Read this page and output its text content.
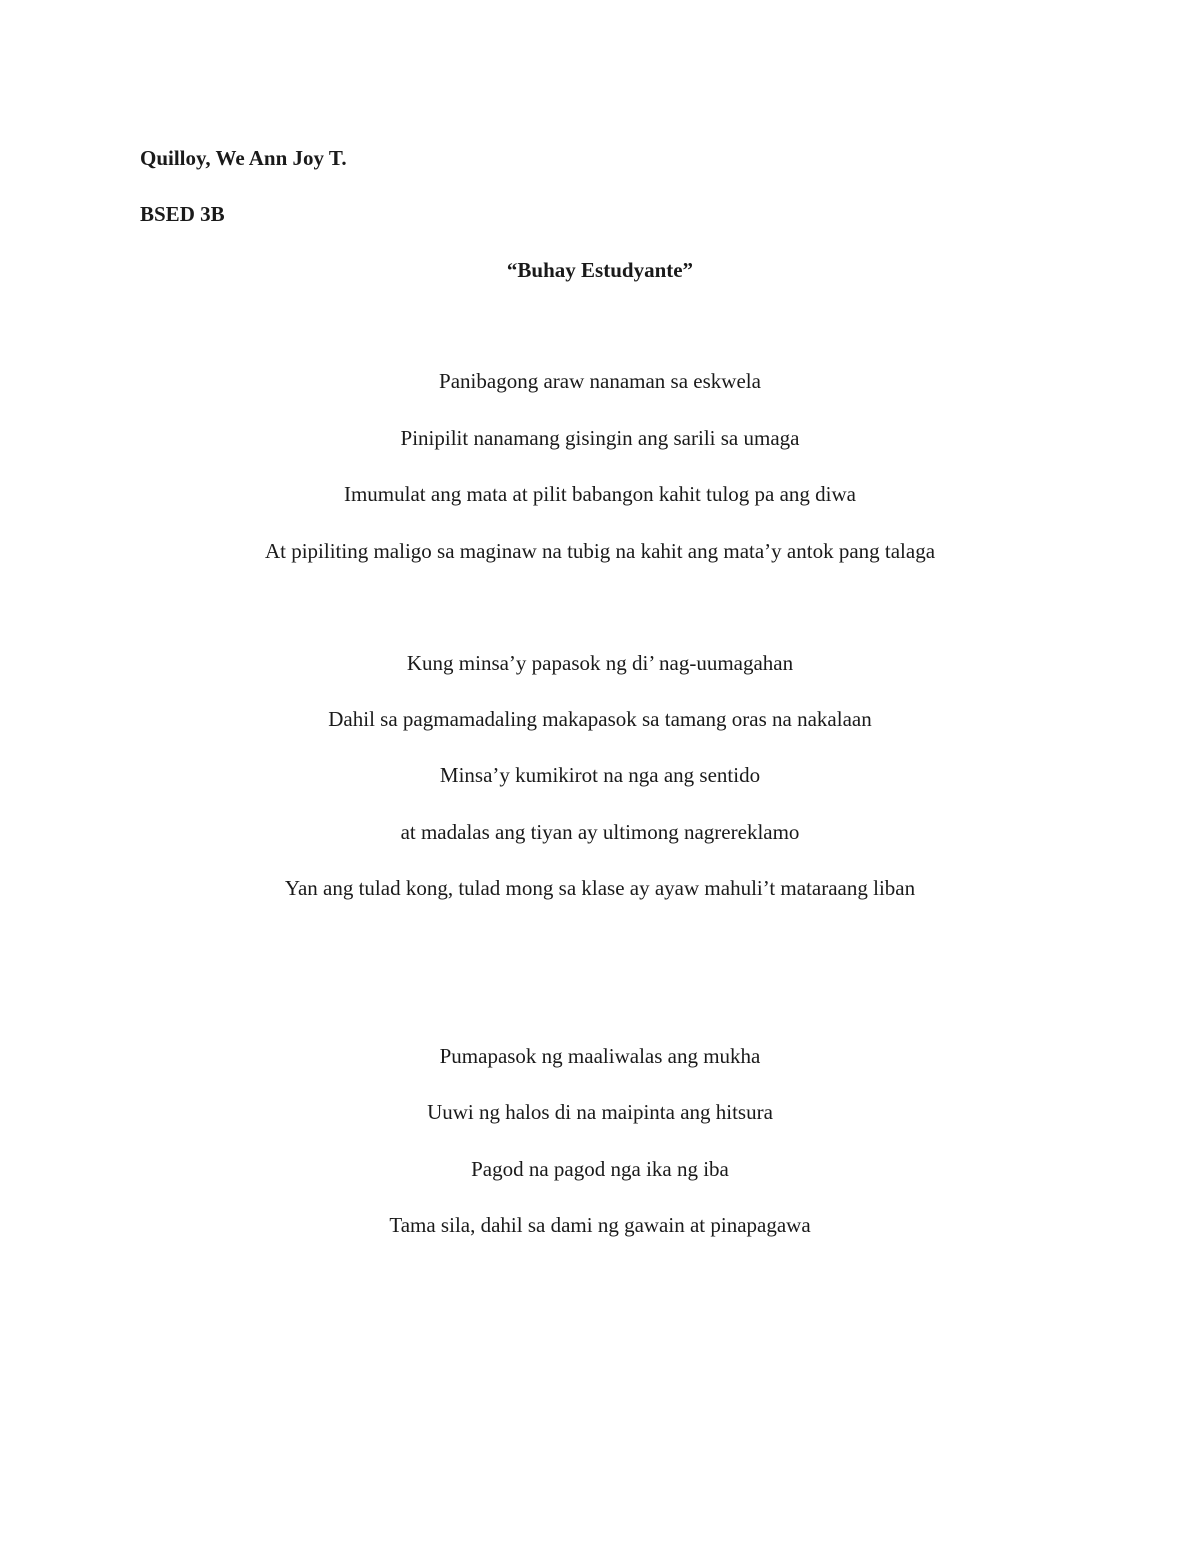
Quilloy, We Ann Joy T.
BSED 3B
“Buhay Estudyante”
Panibagong araw nanaman sa eskwela
Pinipilit nanamang gisingin ang sarili sa umaga
Imumulat ang mata at pilit babangon kahit tulog pa ang diwa
At pipiliting maligo sa maginaw na tubig na kahit ang mata’y antok pang talaga
Kung minsa’y papasok ng di’ nag-uumagahan
Dahil sa pagmamadaling makapasok sa tamang oras na nakalaan
Minsa’y kumikirot na nga ang sentido
at madalas ang tiyan ay ultimong nagrereklamo
Yan ang tulad kong, tulad mong sa klase ay ayaw mahuli’t mataraang liban
Pumapasok ng maaliwalas ang mukha
Uuwi ng halos di na maipinta ang hitsura
Pagod na pagod nga ika ng iba
Tama sila, dahil sa dami ng gawain at pinapagawa
